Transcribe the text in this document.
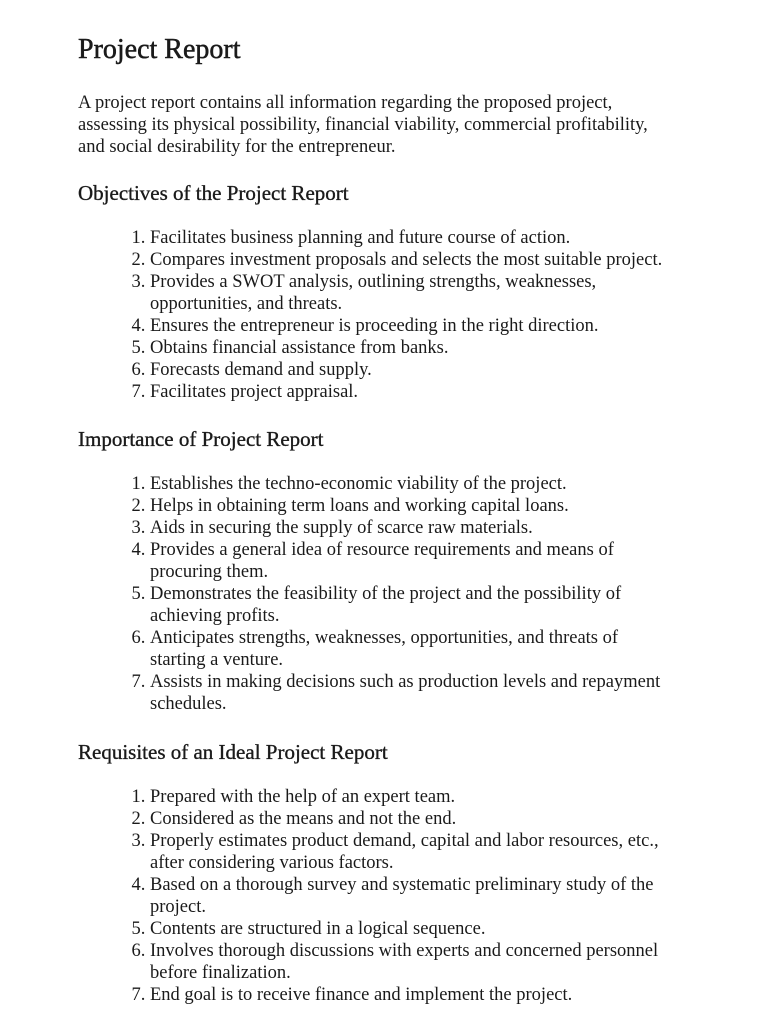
Project Report

A project report contains all information regarding the proposed project, assessing its physical possibility, financial viability, commercial profitability, and social desirability for the entrepreneur.

Objectives of the Project Report
1. Facilitates business planning and future course of action.
2. Compares investment proposals and selects the most suitable project.
3. Provides a SWOT analysis, outlining strengths, weaknesses, opportunities, and threats.
4. Ensures the entrepreneur is proceeding in the right direction.
5. Obtains financial assistance from banks.
6. Forecasts demand and supply.
7. Facilitates project appraisal.
Importance of Project Report
1. Establishes the techno-economic viability of the project.
2. Helps in obtaining term loans and working capital loans.
3. Aids in securing the supply of scarce raw materials.
4. Provides a general idea of resource requirements and means of procuring them.
5. Demonstrates the feasibility of the project and the possibility of achieving profits.
6. Anticipates strengths, weaknesses, opportunities, and threats of starting a venture.
7. Assists in making decisions such as production levels and repayment schedules.
Requisites of an Ideal Project Report
1. Prepared with the help of an expert team.
2. Considered as the means and not the end.
3. Properly estimates product demand, capital and labor resources, etc., after considering various factors.
4. Based on a thorough survey and systematic preliminary study of the project.
5. Contents are structured in a logical sequence.
6. Involves thorough discussions with experts and concerned personnel before finalization.
7. End goal is to receive finance and implement the project.
